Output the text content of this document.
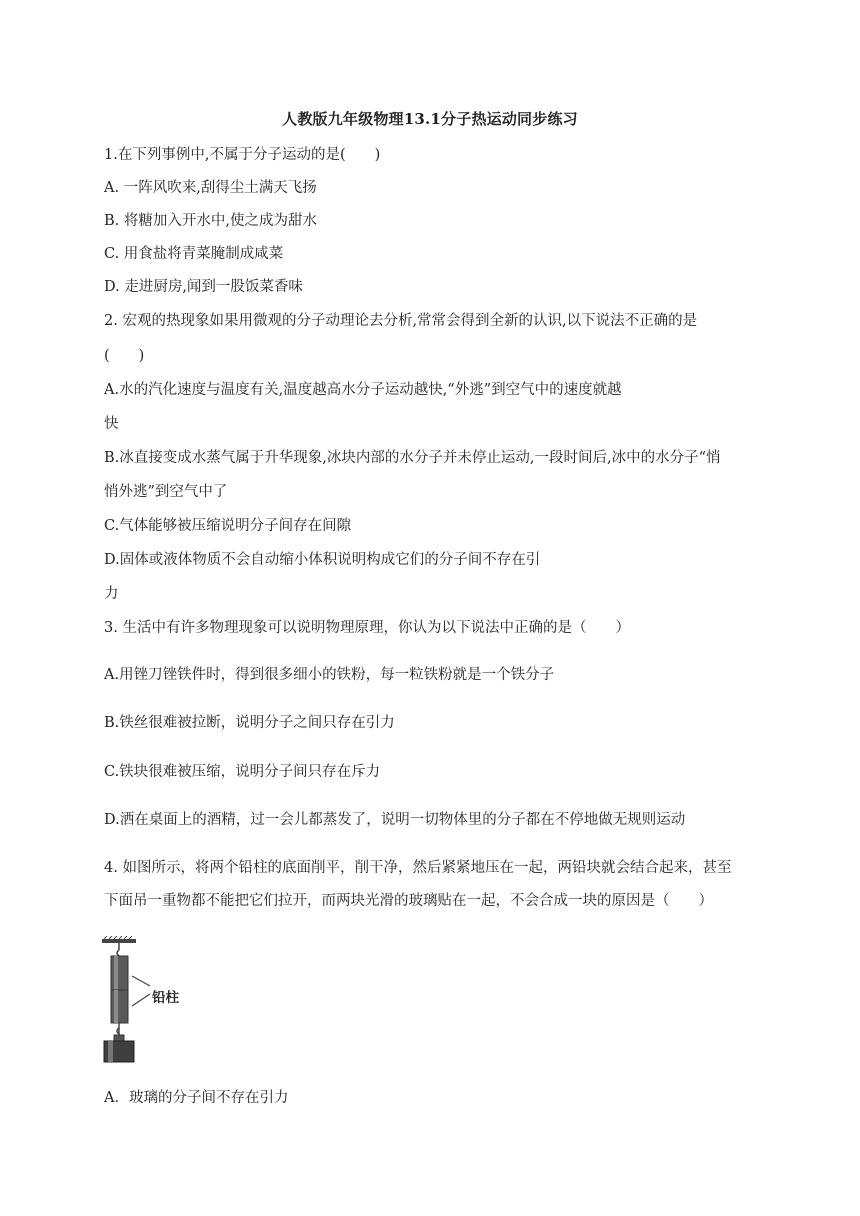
人教版九年级物理13.1分子热运动同步练习
1.在下列事例中,不属于分子运动的是(　　)
A. 一阵风吹来,刮得尘土满天飞扬
B. 将糖加入开水中,使之成为甜水
C. 用食盐将青菜腌制成咸菜
D. 走进厨房,闻到一股饭菜香味
2. 宏观的热现象如果用微观的分子动理论去分析,常常会得到全新的认识,以下说法不正确的是
(　　)
A.水的汽化速度与温度有关,温度越高水分子运动越快,“外逃”到空气中的速度就越
快
B.冰直接变成水蒸气属于升华现象,冰块内部的水分子并未停止运动,一段时间后,冰中的水分子“悄
悄外逃”到空气中了
C.气体能够被压缩说明分子间存在间隙
D.固体或液体物质不会自动缩小体积说明构成它们的分子间不存在引
力
3. 生活中有许多物理现象可以说明物理原理，你认为以下说法中正确的是（　　）
A.用锉刀锉铁件时，得到很多细小的铁粉，每一粒铁粉就是一个铁分子
B.铁丝很难被拉断，说明分子之间只存在引力
C.铁块很难被压缩，说明分子间只存在斥力
D.洒在桌面上的酒精，过一会儿都蒸发了，说明一切物体里的分子都在不停地做无规则运动
4. 如图所示，将两个铅柱的底面削平，削干净，然后紧紧地压在一起，两铅块就会结合起来，甚至
下面吊一重物都不能把它们拉开，而两块光滑的玻璃贴在一起，不会合成一块的原因是（　　）
铅柱
A．玻璃的分子间不存在引力
